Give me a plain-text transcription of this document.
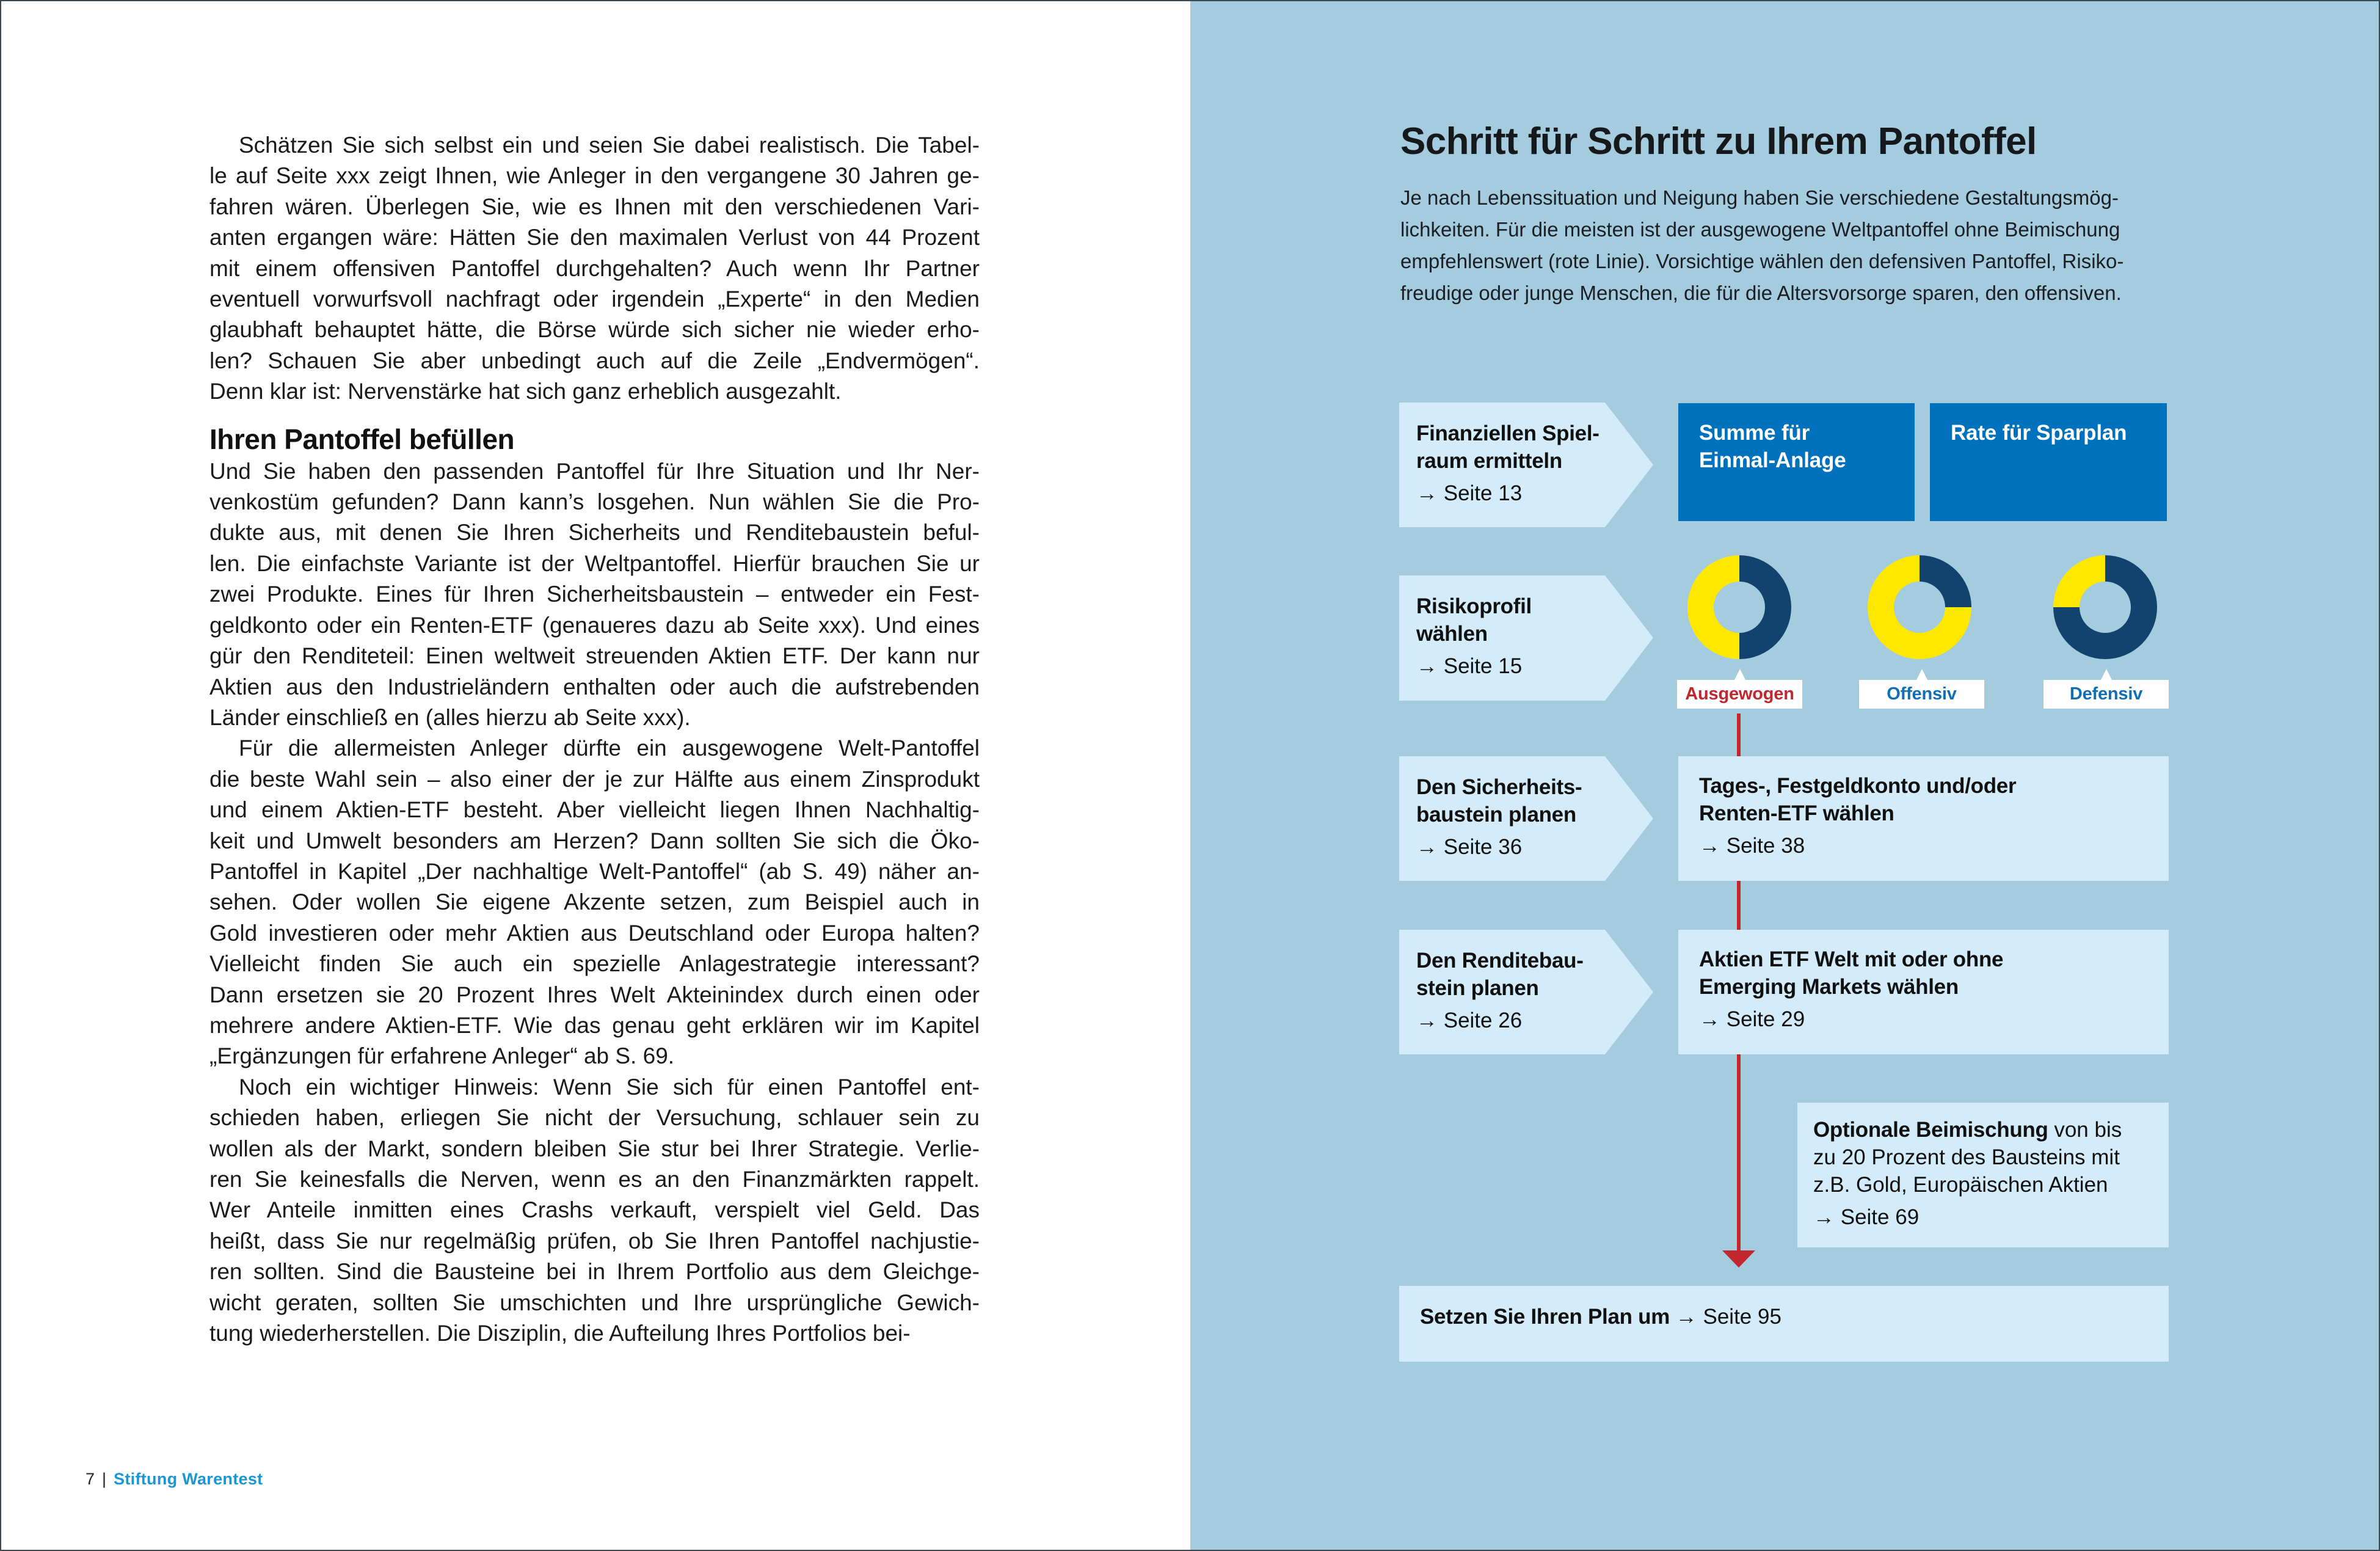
Schätzen Sie sich selbst ein und seien Sie dabei realistisch. Die Tabel-
le auf Seite xxx zeigt Ihnen, wie Anleger in den vergangene 30 Jahren ge-
fahren wären. Überlegen Sie, wie es Ihnen mit den verschiedenen Vari-
anten ergangen wäre: Hätten Sie den maximalen Verlust von 44 Prozent
mit einem offensiven Pantoffel durchgehalten? Auch wenn Ihr Partner
eventuell vorwurfsvoll nachfragt oder irgendein „Experte“ in den Medien
glaubhaft behauptet hätte, die Börse würde sich sicher nie wieder erho-
len? Schauen Sie aber unbedingt auch auf die Zeile „Endvermögen“.
Denn klar ist: Nervenstärke hat sich ganz erheblich ausgezahlt.

Ihren Pantoffel befüllen

Und Sie haben den passenden Pantoffel für Ihre Situation und Ihr Ner-
venkostüm gefunden? Dann kann’s losgehen. Nun wählen Sie die Pro-
dukte aus, mit denen Sie Ihren Sicherheits und Renditebaustein beful-
len. Die einfachste Variante ist der Weltpantoffel. Hierfür brauchen Sie ur
zwei Produkte. Eines für Ihren Sicherheitsbaustein – entweder ein Fest-
geldkonto oder ein Renten-ETF (genaueres dazu ab Seite xxx). Und eines
gür den Renditeteil: Einen weltweit streuenden Aktien ETF. Der kann nur
Aktien aus den Industrieländern enthalten oder auch die aufstrebenden
Länder einschließ en (alles hierzu ab Seite xxx).

Für die allermeisten Anleger dürfte ein ausgewogene Welt-Pantoffel
die beste Wahl sein – also einer der je zur Hälfte aus einem Zinsprodukt
und einem Aktien-ETF besteht. Aber vielleicht liegen Ihnen Nachhaltig-
keit und Umwelt besonders am Herzen? Dann sollten Sie sich die Öko-
Pantoffel in Kapitel „Der nachhaltige Welt-Pantoffel“ (ab S. 49) näher an-
sehen. Oder wollen Sie eigene Akzente setzen, zum Beispiel auch in
Gold investieren oder mehr Aktien aus Deutschland oder Europa halten?
Vielleicht finden Sie auch ein spezielle Anlagestrategie interessant?
Dann ersetzen sie 20 Prozent Ihres Welt Akteinindex durch einen oder
mehrere andere Aktien-ETF. Wie das genau geht erklären wir im Kapitel
„Ergänzungen für erfahrene Anleger“ ab S. 69.

Noch ein wichtiger Hinweis: Wenn Sie sich für einen Pantoffel ent-
schieden haben, erliegen Sie nicht der Versuchung, schlauer sein zu
wollen als der Markt, sondern bleiben Sie stur bei Ihrer Strategie. Verlie-
ren Sie keinesfalls die Nerven, wenn es an den Finanzmärkten rappelt.
Wer Anteile inmitten eines Crashs verkauft, verspielt viel Geld. Das
heißt, dass Sie nur regelmäßig prüfen, ob Sie Ihren Pantoffel nachjustie-
ren sollten. Sind die Bausteine bei in Ihrem Portfolio aus dem Gleichge-
wicht geraten, sollten Sie umschichten und Ihre ursprüngliche Gewich-
tung wiederherstellen. Die Disziplin, die Aufteilung Ihres Portfolios bei-

7 | Stiftung Warentest
Schritt für Schritt zu Ihrem Pantoffel
Je nach Lebenssituation und Neigung haben Sie verschiedene Gestaltungsmög-
lichkeiten. Für die meisten ist der ausgewogene Weltpantoffel ohne Beimischung
empfehlenswert (rote Linie). Vorsichtige wählen den defensiven Pantoffel, Risiko-
freudige oder junge Menschen, die für die Altersvorsorge sparen, den offensiven.
Finanziellen Spiel-
raum ermitteln
→ Seite 13
Risikoprofil
wählen
→ Seite 15
Den Sicherheits-
baustein planen
→ Seite 36
Den Renditebau-
stein planen
→ Seite 26
Summe für
Einmal-Anlage
Rate für Sparplan
Ausgewogen	Offensiv	Defensiv
Tages-, Festgeldkonto und/oder
Renten-ETF wählen
→ Seite 38
Aktien ETF Welt mit oder ohne
Emerging Markets wählen
→ Seite 29
Optionale Beimischung von bis
zu 20 Prozent des Bausteins mit
z.B. Gold, Europäischen Aktien
→ Seite 69
Setzen Sie Ihren Plan um → Seite 95
